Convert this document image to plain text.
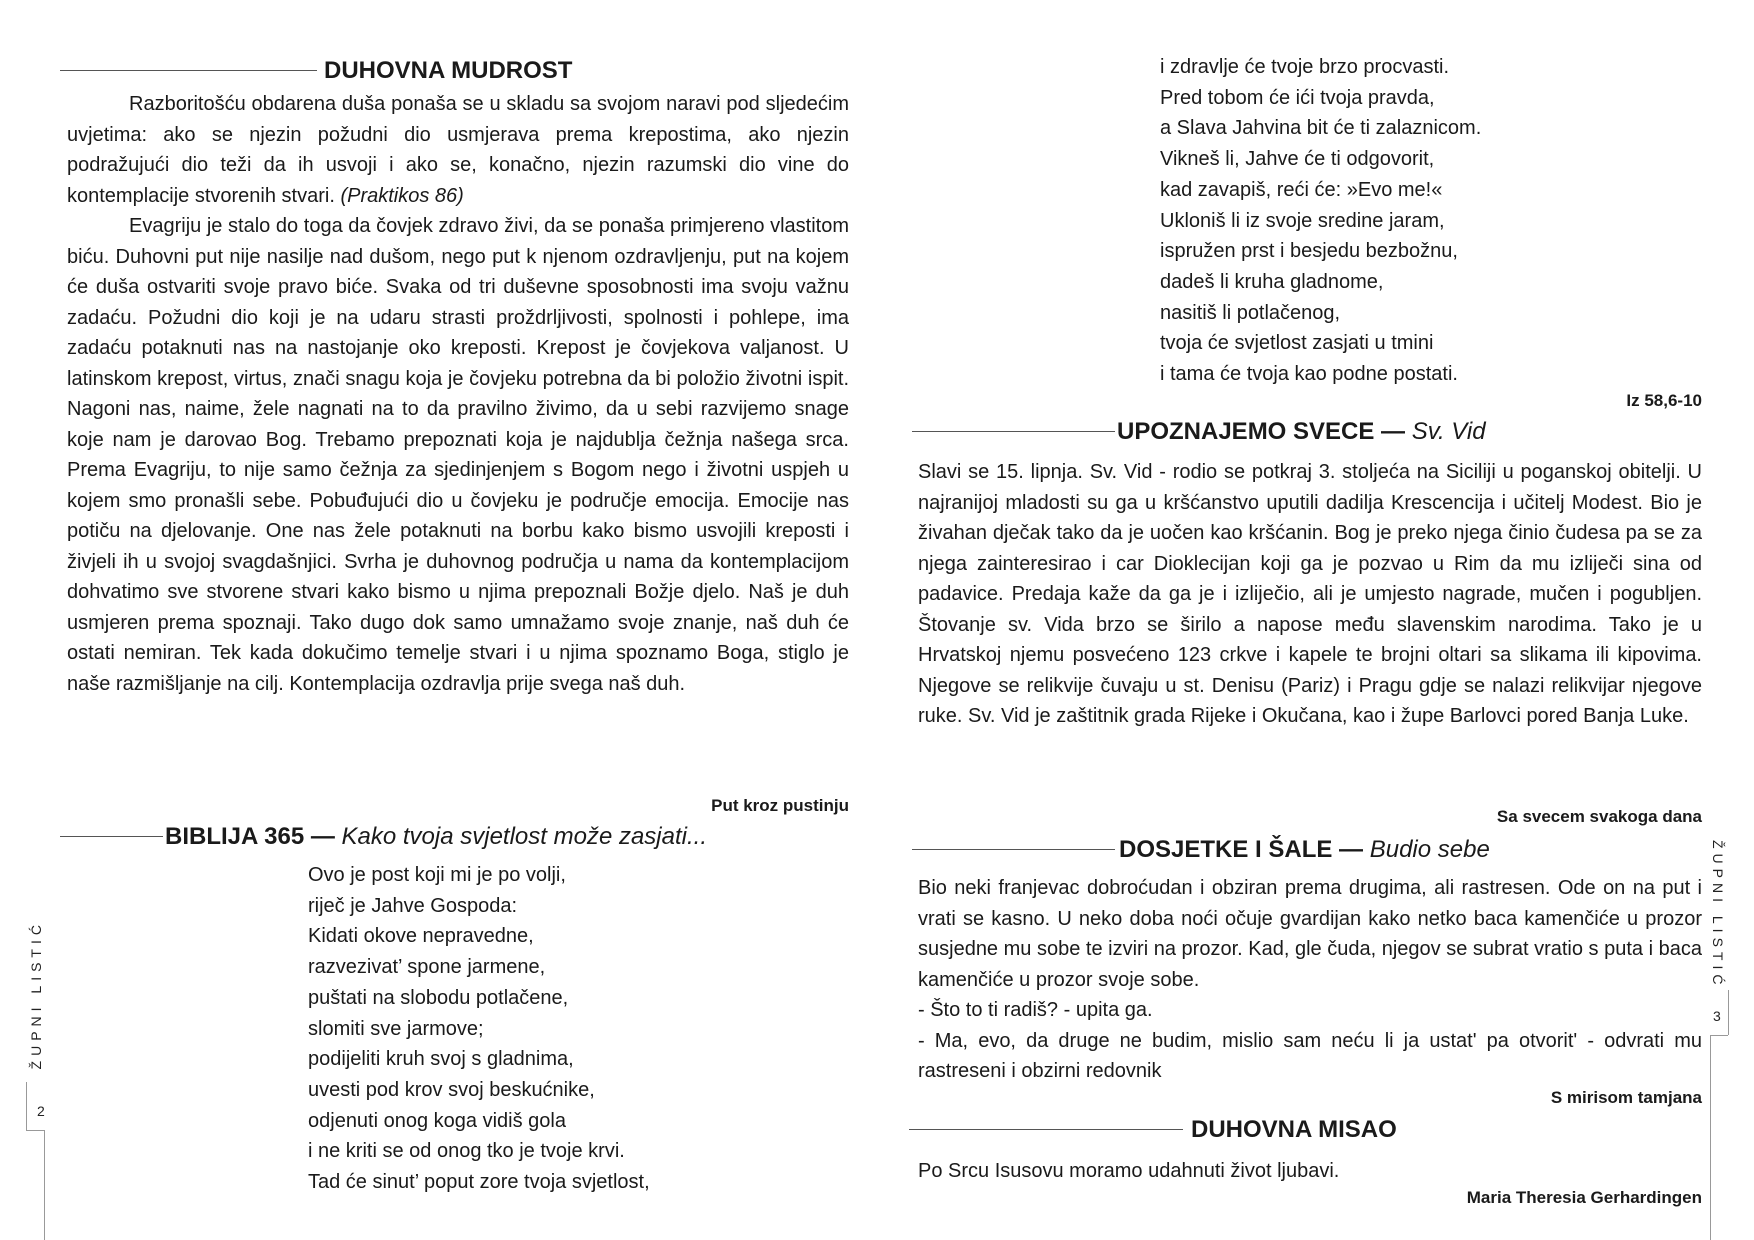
DUHOVNA MUDROST

Razboritošću obdarena duša ponaša se u skladu sa svojom naravi pod sljedećim uvjetima: ako se njezin požudni dio usmjerava prema krepostima, ako njezin podražujući dio teži da ih usvoji i ako se, konačno, njezin razumski dio vine do kontemplacije stvorenih stvari. (Praktikos 86)

Evagriju je stalo do toga da čovjek zdravo živi, da se ponaša primjereno vlastitom biću. Duhovni put nije nasilje nad dušom, nego put k njenom ozdravljenju, put na kojem će duša ostvariti svoje pravo biće. Svaka od tri duševne sposobnosti ima svoju važnu zadaću. Požudni dio koji je na udaru strasti proždrljivosti, spolnosti i pohlepe, ima zadaću potaknuti nas na nastojanje oko kreposti. Krepost je čovjekova valjanost. U latinskom krepost, virtus, znači snagu koja je čovjeku potrebna da bi položio životni ispit. Nagoni nas, naime, žele nagnati na to da pravilno živimo, da u sebi razvijemo snage koje nam je darovao Bog. Trebamo prepoznati koja je najdublja čežnja našega srca. Prema Evagriju, to nije samo čežnja za sjedinjenjem s Bogom nego i životni uspjeh u kojem smo pronašli sebe. Pobuđujući dio u čovjeku je područje emocija. Emocije nas potiču na djelovanje. One nas žele potaknuti na borbu kako bismo usvojili kreposti i živjeli ih u svojoj svagdašnjici. Svrha je duhovnog područja u nama da kontemplacijom dohvatimo sve stvorene stvari kako bismo u njima prepoznali Božje djelo. Naš je duh usmjeren prema spoznaji. Tako dugo dok samo umnažamo svoje znanje, naš duh će ostati nemiran. Tek kada dokučimo temelje stvari i u njima spoznamo Boga, stiglo je naše razmišljanje na cilj. Kontemplacija ozdravlja prije svega naš duh.

Put kroz pustinju
BIBLIJA 365 — Kako tvoja svjetlost može zasjati...
Ovo je post koji mi je po volji,
riječ je Jahve Gospoda:
Kidati okove nepravedne,
razvezivat’ spone jarmene,
puštati na slobodu potlačene,
slomiti sve jarmove;
podijeliti kruh svoj s gladnima,
uvesti pod krov svoj beskućnike,
odjenuti onog koga vidiš gola
i ne kriti se od onog tko je tvoje krvi.
Tad će sinut’ poput zore tvoja svjetlost,
ŽUPNI LISTIĆ
2
i zdravlje će tvoje brzo procvasti.
Pred tobom će ići tvoja pravda,
a Slava Jahvina bit će ti zalaznicom.
Vikneš li, Jahve će ti odgovorit,
kad zavapiš, reći će: »Evo me!«
Ukloniš li iz svoje sredine jaram,
ispružen prst i besjedu bezbožnu,
dadeš li kruha gladnome,
nasitiš li potlačenog,
tvoja će svjetlost zasjati u tmini
i tama će tvoja kao podne postati.
Iz 58,6-10
UPOZNAJEMO SVECE — Sv. Vid

Slavi se 15. lipnja. Sv. Vid - rodio se potkraj 3. stoljeća na Siciliji u poganskoj obitelji. U najranijoj mladosti su ga u kršćanstvo uputili dadilja Krescencija i učitelj Modest. Bio je živahan dječak tako da je uočen kao kršćanin. Bog je preko njega činio čudesa pa se za njega zainteresirao i car Dioklecijan koji ga je pozvao u Rim da mu izliječi sina od padavice. Predaja kaže da ga je i izliječio, ali je umjesto nagrade, mučen i pogubljen. Štovanje sv. Vida brzo se širilo a napose među slavenskim narodima. Tako je u Hrvatskoj njemu posvećeno 123 crkve i kapele te brojni oltari sa slikama ili kipovima. Njegove se relikvije čuvaju u st. Denisu (Pariz) i Pragu gdje se nalazi relikvijar njegove ruke. Sv. Vid je zaštitnik grada Rijeke i Okučana, kao i župe Barlovci pored Banja Luke.

Sa svecem svakoga dana
DOSJETKE I ŠALE — Budio sebe
Bio neki franjevac dobroćudan i obziran prema drugima, ali rastresen. Ode on na put i vrati se kasno. U neko doba noći očuje gvardijan kako netko baca kamenčiće u prozor susjedne mu sobe te izviri na prozor. Kad, gle čuda, njegov se subrat vratio s puta i baca kamenčiće u prozor svoje sobe.
- Što to ti radiš? - upita ga.
- Ma, evo, da druge ne budim, mislio sam neću li ja ustat' pa otvorit' - odvrati mu rastreseni i obzirni redovnik
S mirisom tamjana
DUHOVNA MISAO

Po Srcu Isusovu moramo udahnuti život ljubavi.

Maria Theresia Gerhardingen
ŽUPNI LISTIĆ
3
